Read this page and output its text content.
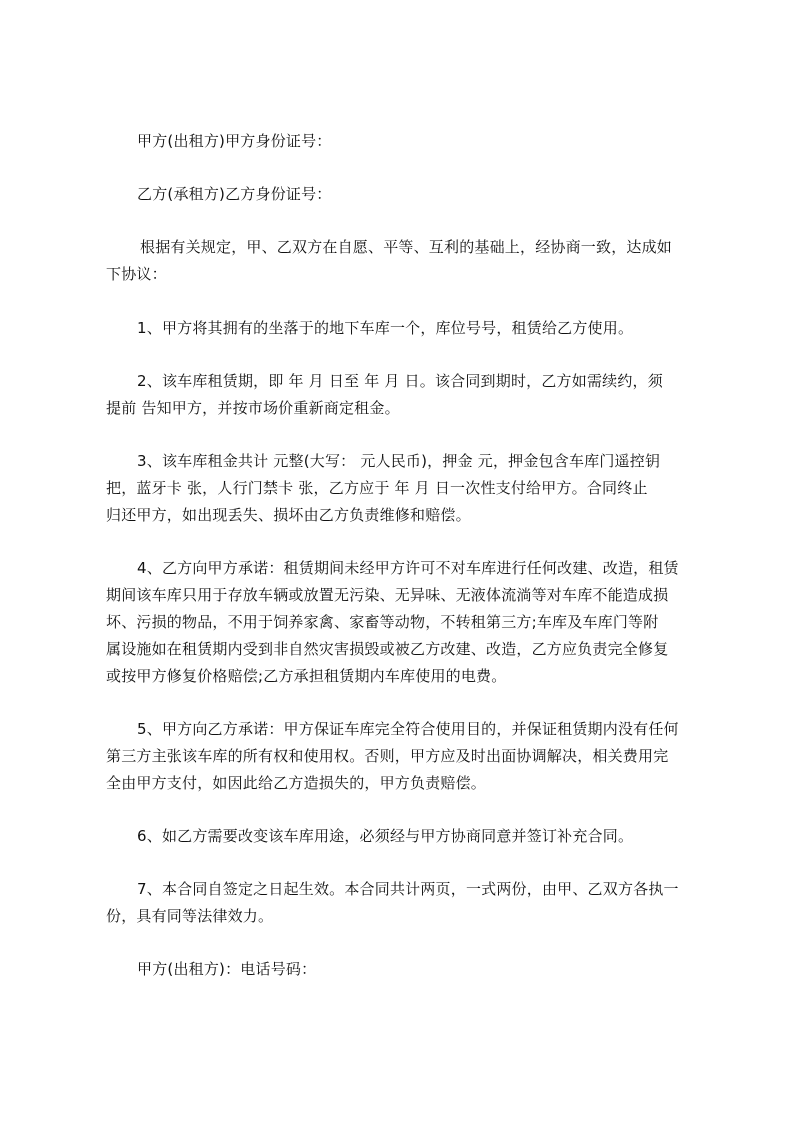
甲方(出租方)甲方身份证号：
乙方(承租方)乙方身份证号：
根据有关规定，甲、乙双方在自愿、平等、互利的基础上，经协商一致，达成如
下协议：
1、甲方将其拥有的坐落于的地下车库一个，库位号号，租赁给乙方使用。
2、该车库租赁期，即 年 月 日至 年 月 日。该合同到期时，乙方如需续约，须
提前 告知甲方，并按市场价重新商定租金。
3、该车库租金共计 元整(大写： 元人民币)，押金 元，押金包含车库门遥控钥
把，蓝牙卡 张，人行门禁卡 张，乙方应于 年 月 日一次性支付给甲方。合同终止
归还甲方，如出现丢失、损坏由乙方负责维修和赔偿。
4、乙方向甲方承诺：租赁期间未经甲方许可不对车库进行任何改建、改造，租赁
期间该车库只用于存放车辆或放置无污染、无异味、无液体流淌等对车库不能造成损
坏、污损的物品，不用于饲养家禽、家畜等动物，不转租第三方;车库及车库门等附
属设施如在租赁期内受到非自然灾害损毁或被乙方改建、改造，乙方应负责完全修复
或按甲方修复价格赔偿;乙方承担租赁期内车库使用的电费。
5、甲方向乙方承诺：甲方保证车库完全符合使用目的，并保证租赁期内没有任何
第三方主张该车库的所有权和使用权。否则，甲方应及时出面协调解决，相关费用完
全由甲方支付，如因此给乙方造损失的，甲方负责赔偿。
6、如乙方需要改变该车库用途，必须经与甲方协商同意并签订补充合同。
7、本合同自签定之日起生效。本合同共计两页，一式两份，由甲、乙双方各执一
份，具有同等法律效力。
甲方(出租方)：电话号码：
